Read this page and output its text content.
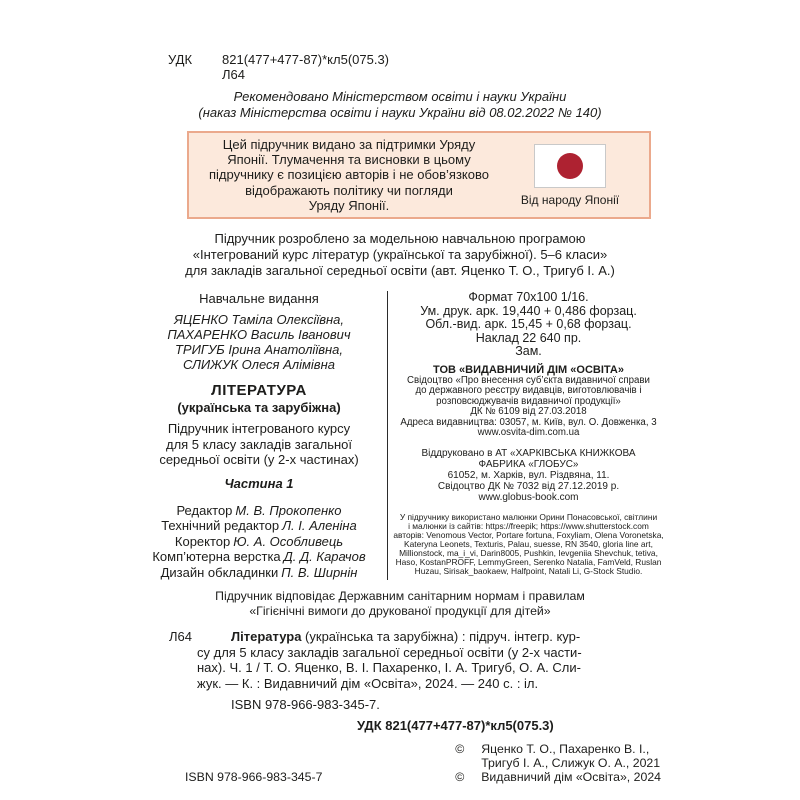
УДК	821(477+477-87)*кл5(075.3)
Л64
Рекомендовано Міністерством освіти і науки України
(наказ Міністерства освіти і науки України від 08.02.2022 № 140)
Цей підручник видано за підтримки Уряду
Японії. Тлумачення та висновки в цьому
підручнику є позицією авторів і не обов’язково
відображають політику чи погляди
Уряду Японії.	Від народу Японії
Підручник розроблено за модельною навчальною програмою
«Інтегрований курс літератур (української та зарубіжної). 5–6 класи»
для закладів загальної середньої освіти (авт. Яценко Т. О., Тригуб І. А.)
Навчальне видання
ЯЦЕНКО Таміла Олексіївна,
ПАХАРЕНКО Василь Іванович
ТРИГУБ Ірина Анатоліївна,
СЛИЖУК Олеся Алімівна
ЛІТЕРАТУРА
(українська та зарубіжна)
Підручник інтегрованого курсу
для 5 класу закладів загальної
середньої освіти (у 2-х частинах)
Частина 1
Редактор М. В. Прокопенко
Технічний редактор Л. І. Аленіна
Коректор Ю. А. Особливець
Комп’ютерна верстка Д. Д. Карачов
Дизайн обкладинки П. В. Ширнін
Формат 70х100 1/16.
Ум. друк. арк. 19,440 + 0,486 форзац.
Обл.-вид. арк. 15,45 + 0,68 форзац.
Наклад 22 640 пр.
Зам.
ТОВ «ВИДАВНИЧИЙ ДІМ «ОСВІТА»
Свідоцтво «Про внесення суб’єкта видавничої справи
до державного реєстру видавців, виготовлювачів і
розповсюджувачів видавничої продукції»
ДК № 6109 від 27.03.2018
Адреса видавництва: 03057, м. Київ, вул. О. Довженка, 3
www.osvita-dim.com.ua
Віддруковано в АТ «ХАРКІВСЬКА КНИЖКОВА
ФАБРИКА «ГЛОБУС»
61052, м. Харків, вул. Різдвяна, 11.
Свідоцтво ДК № 7032 від 27.12.2019 р.
www.globus-book.com
У підручнику використано малюнки Орини Понасовської, світлини
і малюнки із сайтів: https://freepik; https://www.shutterstock.com
авторів: Venomous Vector, Portare fortuna, Foxyliam, Olena Voronetska,
Kateryna Leonets, Texturis, Palau, suesse, RN 3540, gloria line art,
Millionstock, ma_i_vi, Darin8005, Pushkin, Ievgeniia Shevchuk, tetiva,
Haso, KostanPROFF, LemmyGreen, Serenko Natalia, FamVeld, Ruslan
Huzau, Sirisak_baokaew, Halfpoint, Natali Li, G-Stock Studio.
Підручник відповідає Державним санітарним нормам і правилам
«Гігієнічні вимоги до друкованої продукції для дітей»
Л64	Література (українська та зарубіжна) : підруч. інтегр. кур-
су для 5 класу закладів загальної середньої освіти (у 2-х части-
нах). Ч. 1 / Т. О. Яценко, В. І. Пахаренко, І. А. Тригуб, О. А. Сли-
жук. — К. : Видавничий дім «Освіта», 2024. — 240 с. : іл.
ISBN 978-966-983-345-7.
УДК 821(477+477-87)*кл5(075.3)
ISBN 978-966-983-345-7
©	Яценко Т. О., Пахаренко В. І.,
Тригуб І. А., Слижук О. А., 2021
©	Видавничий дім «Освіта», 2024
